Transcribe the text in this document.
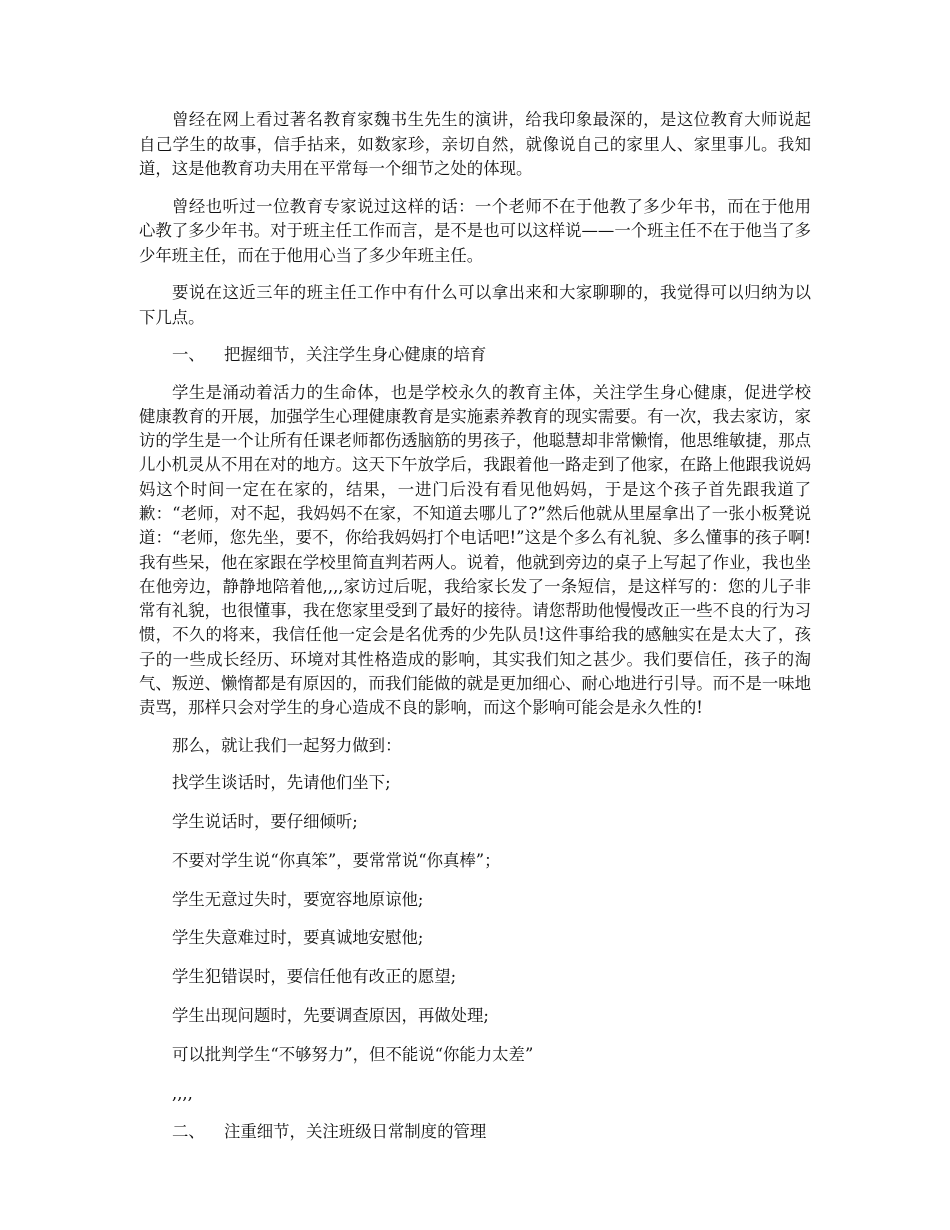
曾经在网上看过著名教育家魏书生先生的演讲，给我印象最深的，是这位教育大师说起自己学生的故事，信手拈来，如数家珍，亲切自然，就像说自己的家里人、家里事儿。我知道，这是他教育功夫用在平常每一个细节之处的体现。

曾经也听过一位教育专家说过这样的话：一个老师不在于他教了多少年书，而在于他用心教了多少年书。对于班主任工作而言，是不是也可以这样说——一个班主任不在于他当了多少年班主任，而在于他用心当了多少年班主任。

要说在这近三年的班主任工作中有什么可以拿出来和大家聊聊的，我觉得可以归纳为以下几点。

一、 把握细节，关注学生身心健康的培育

学生是涌动着活力的生命体，也是学校永久的教育主体，关注学生身心健康，促进学校健康教育的开展，加强学生心理健康教育是实施素养教育的现实需要。有一次，我去家访，家访的学生是一个让所有任课老师都伤透脑筋的男孩子，他聪慧却非常懒惰，他思维敏捷，那点儿小机灵从不用在对的地方。这天下午放学后，我跟着他一路走到了他家，在路上他跟我说妈妈这个时间一定在在家的，结果，一进门后没有看见他妈妈，于是这个孩子首先跟我道了歉：“老师，对不起，我妈妈不在家，不知道去哪儿了?”然后他就从里屋拿出了一张小板凳说道：“老师，您先坐，要不，你给我妈妈打个电话吧!”这是个多么有礼貌、多么懂事的孩子啊!我有些呆，他在家跟在学校里简直判若两人。说着，他就到旁边的桌子上写起了作业，我也坐在他旁边，静静地陪着他,,,,家访过后呢，我给家长发了一条短信，是这样写的：您的儿子非常有礼貌，也很懂事，我在您家里受到了最好的接待。请您帮助他慢慢改正一些不良的行为习惯，不久的将来，我信任他一定会是名优秀的少先队员!这件事给我的感触实在是太大了，孩子的一些成长经历、环境对其性格造成的影响，其实我们知之甚少。我们要信任，孩子的淘气、叛逆、懒惰都是有原因的，而我们能做的就是更加细心、耐心地进行引导。而不是一味地责骂，那样只会对学生的身心造成不良的影响，而这个影响可能会是永久性的!

那么，就让我们一起努力做到：

找学生谈话时，先请他们坐下;

学生说话时，要仔细倾听;

不要对学生说“你真笨”，要常常说“你真棒”；

学生无意过失时，要宽容地原谅他;

学生失意难过时，要真诚地安慰他;

学生犯错误时，要信任他有改正的愿望;

学生出现问题时，先要调查原因，再做处理;

可以批判学生“不够努力”，但不能说“你能力太差”

,,,,

二、 注重细节，关注班级日常制度的管理
